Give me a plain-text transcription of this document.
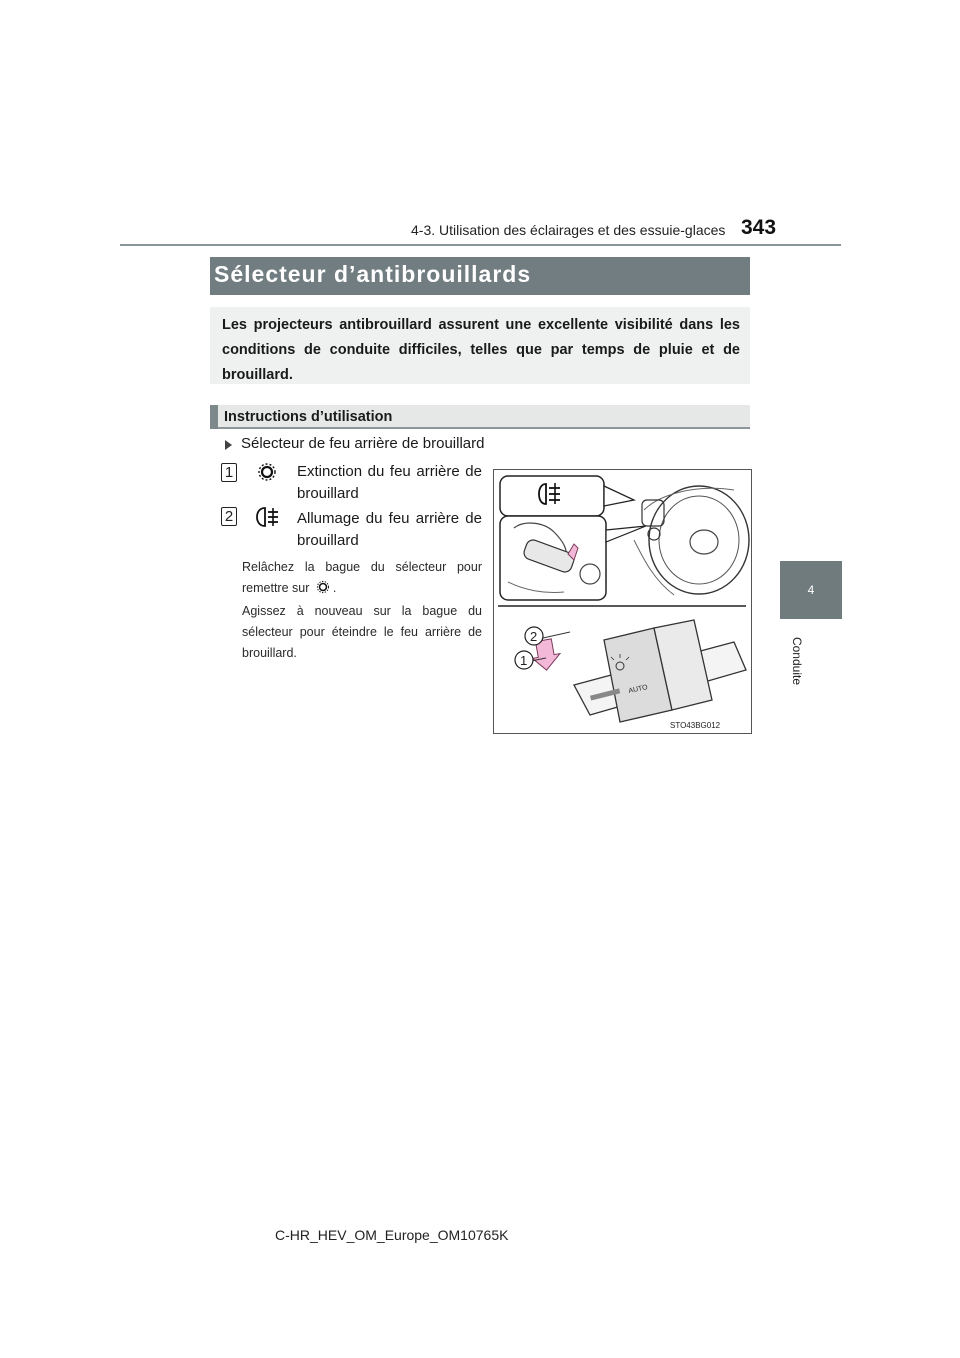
4-3. Utilisation des éclairages et des essuie-glaces 343
4
Conduite
Sélecteur d’antibrouillards
Les projecteurs antibrouillard assurent une excellente visibilité dans les conditions de conduite difficiles, telles que par temps de pluie et de brouillard.
Instructions d’utilisation
Sélecteur de feu arrière de brouillard
1	Extinction du feu arrière de brouillard
2	Allumage du feu arrière de brouillard
Relâchez la bague du sélecteur pour remettre sur .
Agissez à nouveau sur la bague du sélecteur pour éteindre le feu arrière de brouillard.
AUTO
2
1
STO43BG012
C-HR_HEV_OM_Europe_OM10765K
